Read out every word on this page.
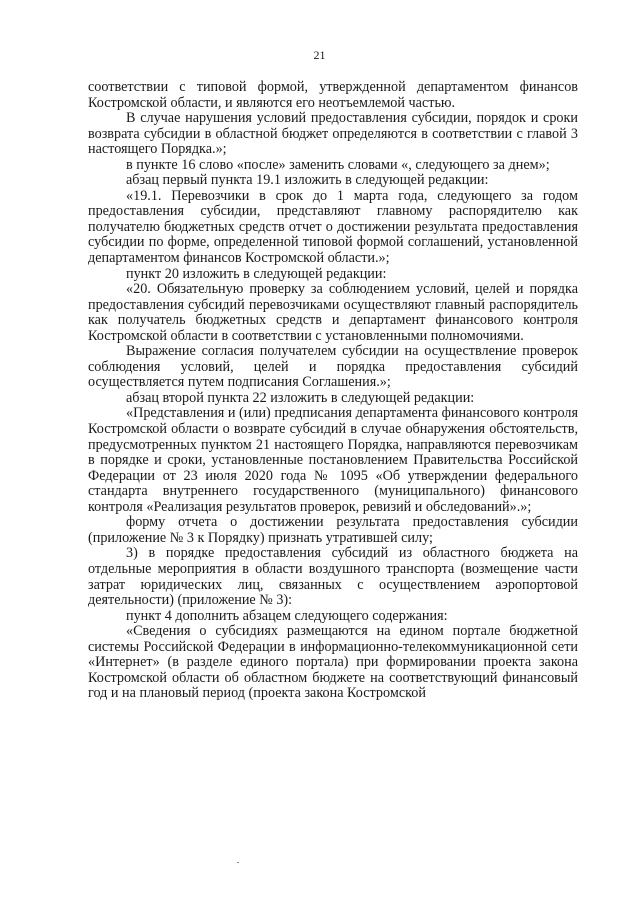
21

соответствии с типовой формой, утвержденной департаментом финансов Костромской области, и являются его неотъемлемой частью.

В случае нарушения условий предоставления субсидии, порядок и сроки возврата субсидии в областной бюджет определяются в соответствии с главой 3 настоящего Порядка.»;

в пункте 16 слово «после» заменить словами «, следующего за днем»;

абзац первый пункта 19.1 изложить в следующей редакции:

«19.1. Перевозчики в срок до 1 марта года, следующего за годом предоставления субсидии, представляют главному распорядителю как получателю бюджетных средств отчет о достижении результата предоставления субсидии по форме, определенной типовой формой соглашений, установленной департаментом финансов Костромской области.»;

пункт 20 изложить в следующей редакции:

«20. Обязательную проверку за соблюдением условий, целей и порядка предоставления субсидий перевозчиками осуществляют главный распорядитель как получатель бюджетных средств и департамент финансового контроля Костромской области в соответствии с установленными полномочиями.

Выражение согласия получателем субсидии на осуществление проверок соблюдения условий, целей и порядка предоставления субсидий осуществляется путем подписания Соглашения.»;

абзац второй пункта 22 изложить в следующей редакции:

«Представления и (или) предписания департамента финансового контроля Костромской области о возврате субсидий в случае обнаружения обстоятельств, предусмотренных пунктом 21 настоящего Порядка, направляются перевозчикам в порядке и сроки, установленные постановлением Правительства Российской Федерации от 23 июля 2020 года № 1095 «Об утверждении федерального стандарта внутреннего государственного (муниципального) финансового контроля «Реализация результатов проверок, ревизий и обследований».»;

форму отчета о достижении результата предоставления субсидии (приложение № 3 к Порядку) признать утратившей силу;

3) в порядке предоставления субсидий из областного бюджета на отдельные мероприятия в области воздушного транспорта (возмещение части затрат юридических лиц, связанных с осуществлением аэропортовой деятельности) (приложение № 3):

пункт 4 дополнить абзацем следующего содержания:

«Сведения о субсидиях размещаются на едином портале бюджетной системы Российской Федерации в информационно-телекоммуникационной сети «Интернет» (в разделе единого портала) при формировании проекта закона Костромской области об областном бюджете на соответствующий финансовый год и на плановый период (проекта закона Костромской
